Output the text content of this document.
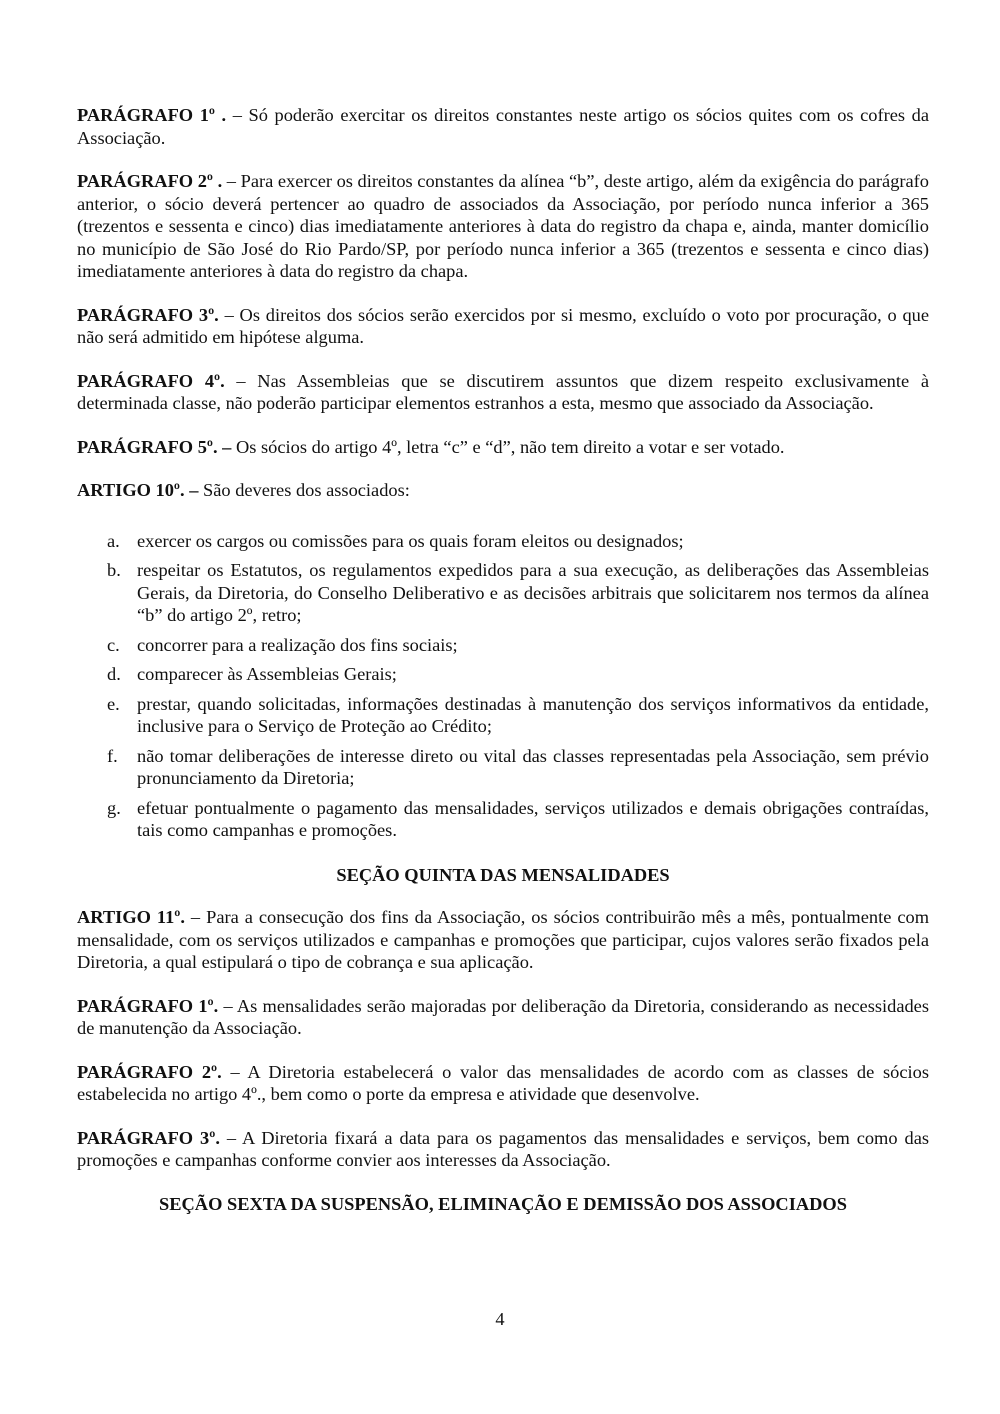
PARÁGRAFO 1º . – Só poderão exercitar os direitos constantes neste artigo os sócios quites com os cofres da Associação.

PARÁGRAFO 2º . – Para exercer os direitos constantes da alínea “b”, deste artigo, além da exigência do parágrafo anterior, o sócio deverá pertencer ao quadro de associados da Associação, por período nunca inferior a 365 (trezentos e sessenta e cinco) dias imediatamente anteriores à data do registro da chapa e, ainda, manter domicílio no município de São José do Rio Pardo/SP, por período nunca inferior a 365 (trezentos e sessenta e cinco dias) imediatamente anteriores à data do registro da chapa.

PARÁGRAFO 3º. – Os direitos dos sócios serão exercidos por si mesmo, excluído o voto por procuração, o que não será admitido em hipótese alguma.

PARÁGRAFO 4º. – Nas Assembleias que se discutirem assuntos que dizem respeito exclusivamente à determinada classe, não poderão participar elementos estranhos a esta, mesmo que associado da Associação.

PARÁGRAFO 5º. – Os sócios do artigo 4º, letra “c” e “d”, não tem direito a votar e ser votado.

ARTIGO 10º. – São deveres dos associados:

a. exercer os cargos ou comissões para os quais foram eleitos ou designados;
b. respeitar os Estatutos, os regulamentos expedidos para a sua execução, as deliberações das Assembleias Gerais, da Diretoria, do Conselho Deliberativo e as decisões arbitrais que solicitarem nos termos da alínea “b” do artigo 2º, retro;
c. concorrer para a realização dos fins sociais;
d. comparecer às Assembleias Gerais;
e. prestar, quando solicitadas, informações destinadas à manutenção dos serviços informativos da entidade, inclusive para o Serviço de Proteção ao Crédito;
f.	não tomar deliberações de interesse direto ou vital das classes representadas pela Associação, sem prévio pronunciamento da Diretoria;
g. efetuar pontualmente o pagamento das mensalidades, serviços utilizados e demais obrigações contraídas, tais como campanhas e promoções.
SEÇÃO QUINTA DAS MENSALIDADES

ARTIGO 11º. – Para a consecução dos fins da Associação, os sócios contribuirão mês a mês, pontualmente com mensalidade, com os serviços utilizados e campanhas e promoções que participar, cujos valores serão fixados pela Diretoria, a qual estipulará o tipo de cobrança e sua aplicação.

PARÁGRAFO 1º. – As mensalidades serão majoradas por deliberação da Diretoria, considerando as necessidades de manutenção da Associação.

PARÁGRAFO 2º. – A Diretoria estabelecerá o valor das mensalidades de acordo com as classes de sócios estabelecida no artigo 4º., bem como o porte da empresa e atividade que desenvolve.

PARÁGRAFO 3º. – A Diretoria fixará a data para os pagamentos das mensalidades e serviços, bem como das promoções e campanhas conforme convier aos interesses da Associação.

SEÇÃO SEXTA DA SUSPENSÃO, ELIMINAÇÃO E DEMISSÃO DOS ASSOCIADOS
4
